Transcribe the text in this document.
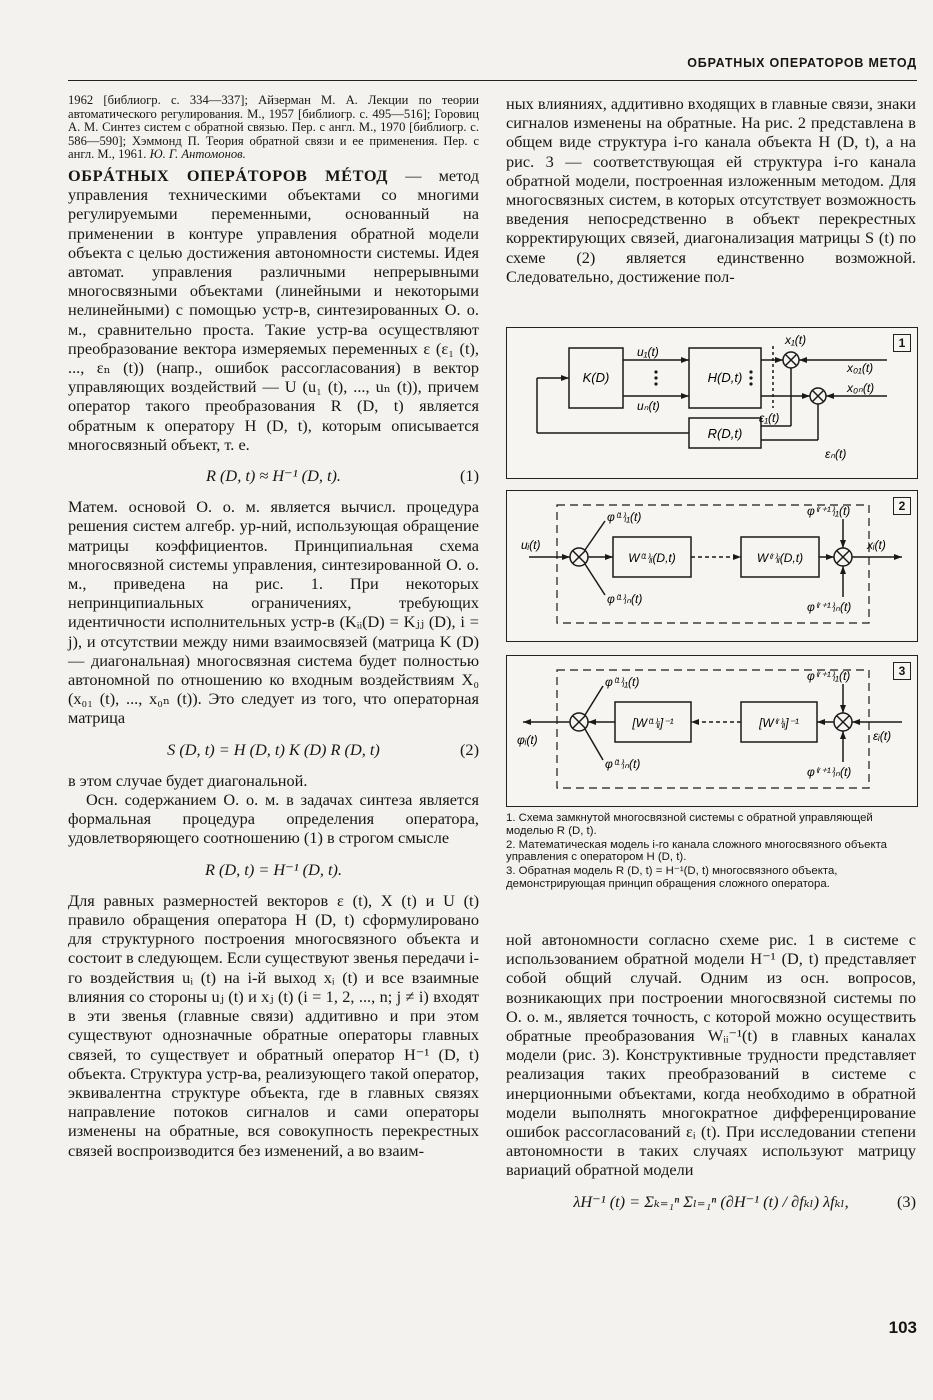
ОБРАТНЫХ ОПЕРАТОРОВ МЕТОД

1962 [библиогр. с. 334—337]; Айзерман М. А. Лекции по теории автоматического регулирования. М., 1957 [библиогр. с. 495—516]; Горовиц А. М. Синтез систем с обратной связью. Пер. с англ. М., 1970 [библиогр. с. 586—590]; Хэммонд П. Теория обратной связи и ее применения. Пер. с англ. М., 1961. Ю. Г. Антомонов.

ОБРÁТНЫХ ОПЕРÁТОРОВ МÉТОД — метод управления техническими объектами со многими регулируемыми переменными, основанный на применении в контуре управления обратной модели объекта с целью достижения автономности системы. Идея автомат. управления различными непрерывными многосвязными объектами (линейными и некоторыми нелинейными) с помощью устр-в, синтезированных О. о. м., сравнительно проста. Такие устр-ва осуществляют преобразование вектора измеряемых переменных ε (ε₁ (t), ..., εₙ (t)) (напр., ошибок рассогласования) в вектор управляющих воздействий — U (u₁ (t), ..., uₙ (t)), причем оператор такого преобразования R (D, t) является обратным к оператору H (D, t), которым описывается многосвязный объект, т. е.

R (D, t) ≈ H⁻¹ (D, t).	(1)

Матем. основой О. о. м. является вычисл. процедура решения систем алгебр. ур-ний, использующая обращение матрицы коэффициентов. Принципиальная схема многосвязной системы управления, синтезированной О. о. м., приведена на рис. 1. При некоторых непринципиальных ограничениях, требующих идентичности исполнительных устр-в (Kᵢᵢ(D) = Kⱼⱼ (D), i = j), и отсутствии между ними взаимосвязей (матрица K (D) — диагональная) многосвязная система будет полностью автономной по отношению ко входным воздействиям X₀ (x₀₁ (t), ..., x₀ₙ (t)). Это следует из того, что операторная матрица

S (D, t) = H (D, t) K (D) R (D, t)	(2)

в этом случае будет диагональной.

Осн. содержанием О. о. м. в задачах синтеза является формальная процедура определения оператора, удовлетворяющего соотношению (1) в строгом смысле

R (D, t) = H⁻¹ (D, t).

Для равных размерностей векторов ε (t), X (t) и U (t) правило обращения оператора H (D, t) сформулировано для структурного построения многосвязного объекта и состоит в следующем. Если существуют звенья передачи i-го воздействия uᵢ (t) на i-й выход xᵢ (t) и все взаимные влияния со стороны uⱼ (t) и xⱼ (t) (i = 1, 2, ..., n; j ≠ i) входят в эти звенья (главные связи) аддитивно и при этом существуют однозначные обратные операторы главных связей, то существует и обратный оператор H⁻¹ (D, t) объекта. Структура устр-ва, реализующего такой оператор, эквивалентна структуре объекта, где в главных связях направление потоков сигналов и сами операторы изменены на обратные, вся совокупность перекрестных связей воспроизводится без изменений, а во взаим-

ных влияниях, аддитивно входящих в главные связи, знаки сигналов изменены на обратные. На рис. 2 представлена в общем виде структура i-го канала объекта H (D, t), а на рис. 3 — соответствующая ей структура i-го канала обратной модели, построенная изложенным методом. Для многосвязных систем, в которых отсутствует возможность введения непосредственно в объект перекрестных корректирующих связей, диагонализация матрицы S (t) по схеме (2) является единственно возможной. Следовательно, достижение пол-

1
K(D)	H(D,t)
R(D,t)
u₁(t)
uₙ(t)
x₁(t)
x₀₁(t)
x₀ₙ(t)
ε₁(t)
εₙ(t)
2
W⁽¹⁾ᵢᵢ(D,t)	W⁽ʳ⁾ᵢᵢ(D,t)
uᵢ(t)	xᵢ(t)
φ⁽¹⁾ᵢ₁(t)
φ⁽¹⁾ᵢₙ(t)
φ⁽ʳ⁺¹⁾ᵢ₁(t)
φ⁽ʳ⁺¹⁾ᵢₙ(t)
3
[W⁽¹⁾ᵢᵢ]⁻¹	[W⁽ʳ⁾ᵢᵢ]⁻¹
φᵢ(t)	εᵢ(t)
φ⁽¹⁾ᵢ₁(t)
φ⁽¹⁾ᵢₙ(t)
φ⁽ʳ⁺¹⁾ᵢ₁(t)
φ⁽ʳ⁺¹⁾ᵢₙ(t)

1. Схема замкнутой многосвязной системы с обратной управляющей моделью R (D, t).

2. Математическая модель i-го канала сложного многосвязного объекта управления с оператором H (D, t).

3. Обратная модель R (D, t) = H⁻¹(D, t) многосвязного объекта, демонстрирующая принцип обращения сложного оператора.

ной автономности согласно схеме рис. 1 в системе с использованием обратной модели H⁻¹ (D, t) представляет собой общий случай. Одним из осн. вопросов, возникающих при построении многосвязной системы по О. о. м., является точность, с которой можно осуществить обратные преобразования Wᵢᵢ⁻¹(t) в главных каналах модели (рис. 3). Конструктивные трудности представляет реализация таких преобразований в системе с инерционными объектами, когда необходимо в обратной модели выполнять многократное дифференцирование ошибок рассогласований εᵢ (t). При исследовании степени автономности в таких случаях используют матрицу вариаций обратной модели

λH⁻¹ (t) = Σₖ₌₁ⁿ Σₗ₌₁ⁿ (∂H⁻¹ (t) / ∂fₖₗ) λfₖₗ,	(3)

103
